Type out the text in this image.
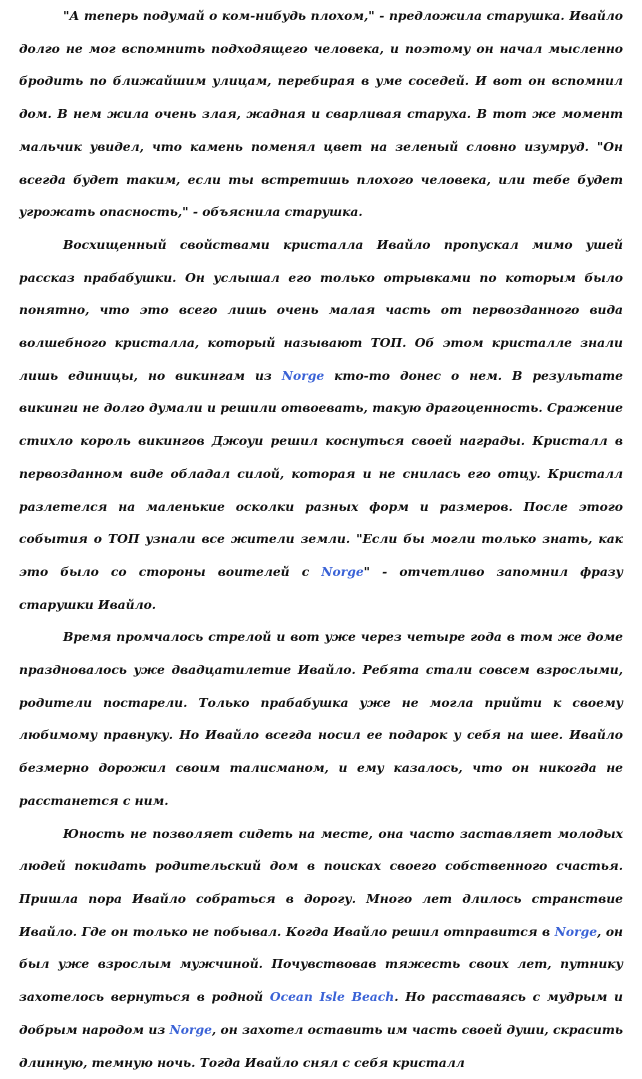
"А теперь подумай о ком-нибудь плохом," - предложила старушка. Ивайло долго не мог вспомнить подходящего человека, и поэтому он начал мысленно бродить по ближайшим улицам, перебирая в уме соседей. И вот он вспомнил дом. В нем жила очень злая, жадная и сварливая старуха. В тот же момент мальчик увидел, что камень поменял цвет на зеленый словно изумруд. "Он всегда будет таким, если ты встретишь плохого человека, или тебе будет угрожать опасность," - объяснила старушка.

Восхищенный свойствами кристалла Ивайло пропускал мимо ушей рассказ прабабушки. Он услышал его только отрывками по которым было понятно, что это всего лишь очень малая часть от первозданного вида волшебного кристалла, который называют ТОП. Об этом кристалле знали лишь единицы, но викингам из Norge кто-то донес о нем. В результате викинги не долго думали и решили отвоевать, такую драгоценность. Сражение стихло король викингов Джоуи решил коснуться своей награды. Кристалл в первозданном виде обладал силой, которая и не снилась его отцу. Кристалл разлетелся на маленькие осколки разных форм и размеров. После этого события о ТОП узнали все жители земли. "Если бы могли только знать, как это было со стороны воителей с Norge" - отчетливо запомнил фразу старушки Ивайло.

Время промчалось стрелой и вот уже через четыре года в том же доме праздновалось уже двадцатилетие Ивайло. Ребята стали совсем взрослыми, родители постарели. Только прабабушка уже не могла прийти к своему любимому правнуку. Но Ивайло всегда носил ее подарок у себя на шее. Ивайло безмерно дорожил своим талисманом, и ему казалось, что он никогда не расстанется с ним.

Юность не позволяет сидеть на месте, она часто заставляет молодых людей покидать родительский дом в поисках своего собственного счастья. Пришла пора Ивайло собраться в дорогу. Много лет длилось странствие Ивайло. Где он только не побывал. Когда Ивайло решил отправится в Norge, он был уже взрослым мужчиной. Почувствовав тяжесть своих лет, путнику захотелось вернуться в родной Ocean Isle Beach. Но расставаясь с мудрым и добрым народом из Norge, он захотел оставить им часть своей души, скрасить длинную, темную ночь. Тогда Ивайло снял с себя кристалл
